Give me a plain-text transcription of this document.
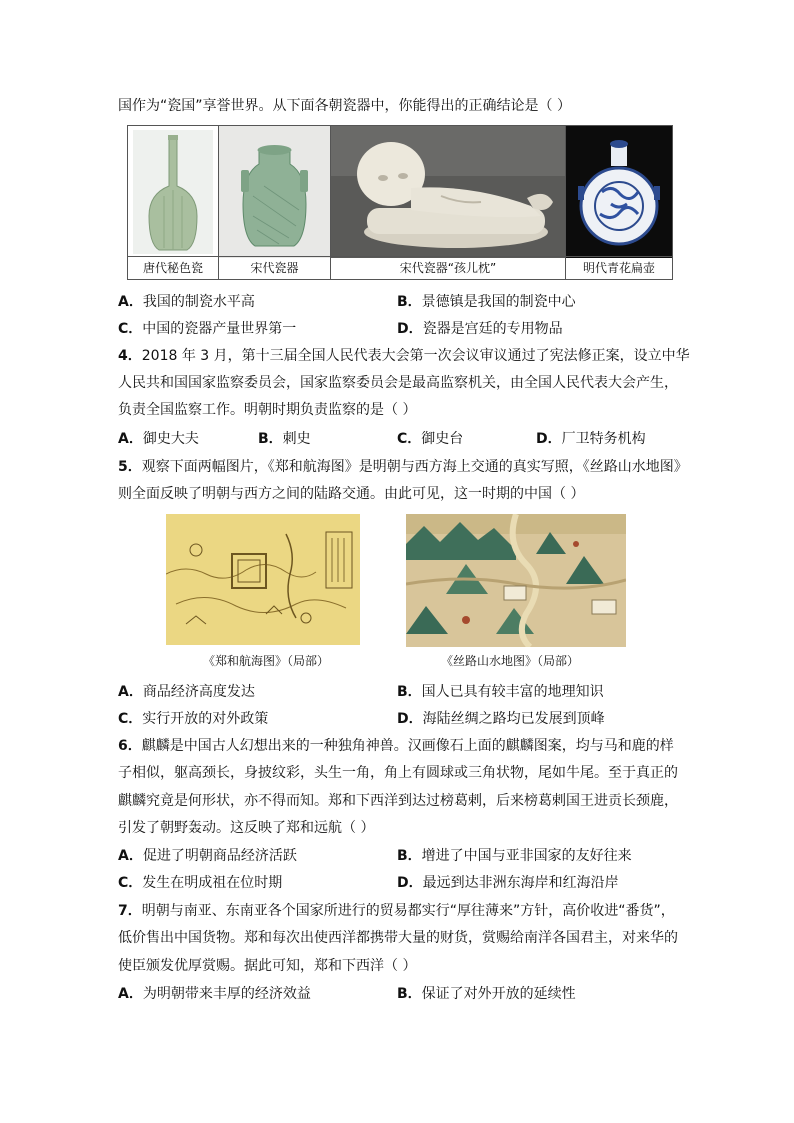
国作为“瓷国”享誉世界。从下面各朝瓷器中，你能得出的正确结论是（ ）
唐代秘色瓷	宋代瓷器	宋代瓷器“孩儿枕”	明代青花扁壶
A．我国的制瓷水平高	B．景德镇是我国的制瓷中心
C．中国的瓷器产量世界第一	D．瓷器是宫廷的专用物品
4．2018 年 3 月，第十三届全国人民代表大会第一次会议审议通过了宪法修正案，设立中华
人民共和国国家监察委员会，国家监察委员会是最高监察机关，由全国人民代表大会产生，
负责全国监察工作。明朝时期负责监察的是（ ）
A．御史大夫	B．刺史	C．御史台	D．厂卫特务机构
5．观察下面两幅图片，《郑和航海图》是明朝与西方海上交通的真实写照，《丝路山水地图》
则全面反映了明朝与西方之间的陆路交通。由此可见，这一时期的中国（ ）
《郑和航海图》（局部）	《丝路山水地图》（局部）
A．商品经济高度发达	B．国人已具有较丰富的地理知识
C．实行开放的对外政策	D．海陆丝绸之路均已发展到顶峰
6．麒麟是中国古人幻想出来的一种独角神兽。汉画像石上面的麒麟图案，均与马和鹿的样
子相似，躯高颈长，身披纹彩，头生一角，角上有圆球或三角状物，尾如牛尾。至于真正的
麒麟究竟是何形状，亦不得而知。郑和下西洋到达过榜葛剌，后来榜葛剌国王进贡长颈鹿，
引发了朝野轰动。这反映了郑和远航（ ）
A．促进了明朝商品经济活跃	B．增进了中国与亚非国家的友好往来
C．发生在明成祖在位时期	D．最远到达非洲东海岸和红海沿岸
7．明朝与南亚、东南亚各个国家所进行的贸易都实行“厚往薄来”方针，高价收进“番货”，
低价售出中国货物。郑和每次出使西洋都携带大量的财货，赏赐给南洋各国君主，对来华的
使臣颁发优厚赏赐。据此可知，郑和下西洋（ ）
A．为明朝带来丰厚的经济效益	B．保证了对外开放的延续性
